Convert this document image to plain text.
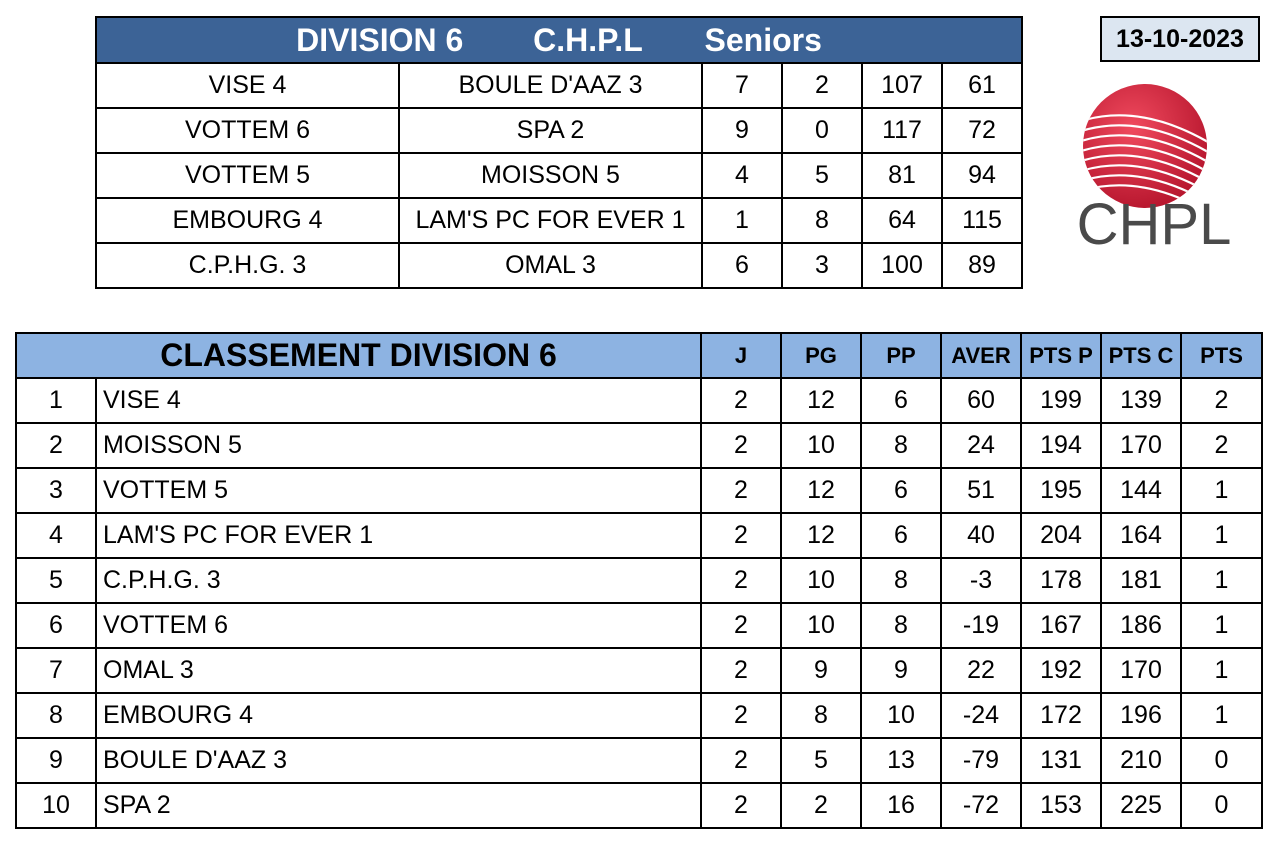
DIVISION 6 C.H.P.L Seniors					
VISE 4	BOULE D'AAZ 3	7	2	107	61
VOTTEM 6	SPA 2	9	0	117	72
VOTTEM 5	MOISSON 5	4	5	81	94
EMBOURG 4	LAM'S PC FOR EVER 1	1	8	64	115
C.P.H.G. 3	OMAL 3	6	3	100	89
13-10-2023
CHPL
CLASSEMENT DIVISION 6		J	PG	PP	AVER	PTS P	PTS C	PTS
1	VISE 4	2	12	6	60	199	139	2
2	MOISSON 5	2	10	8	24	194	170	2
3	VOTTEM 5	2	12	6	51	195	144	1
4	LAM'S PC FOR EVER 1	2	12	6	40	204	164	1
5	C.P.H.G. 3	2	10	8	-3	178	181	1
6	VOTTEM 6	2	10	8	-19	167	186	1
7	OMAL 3	2	9	9	22	192	170	1
8	EMBOURG 4	2	8	10	-24	172	196	1
9	BOULE D'AAZ 3	2	5	13	-79	131	210	0
10	SPA 2	2	2	16	-72	153	225	0
